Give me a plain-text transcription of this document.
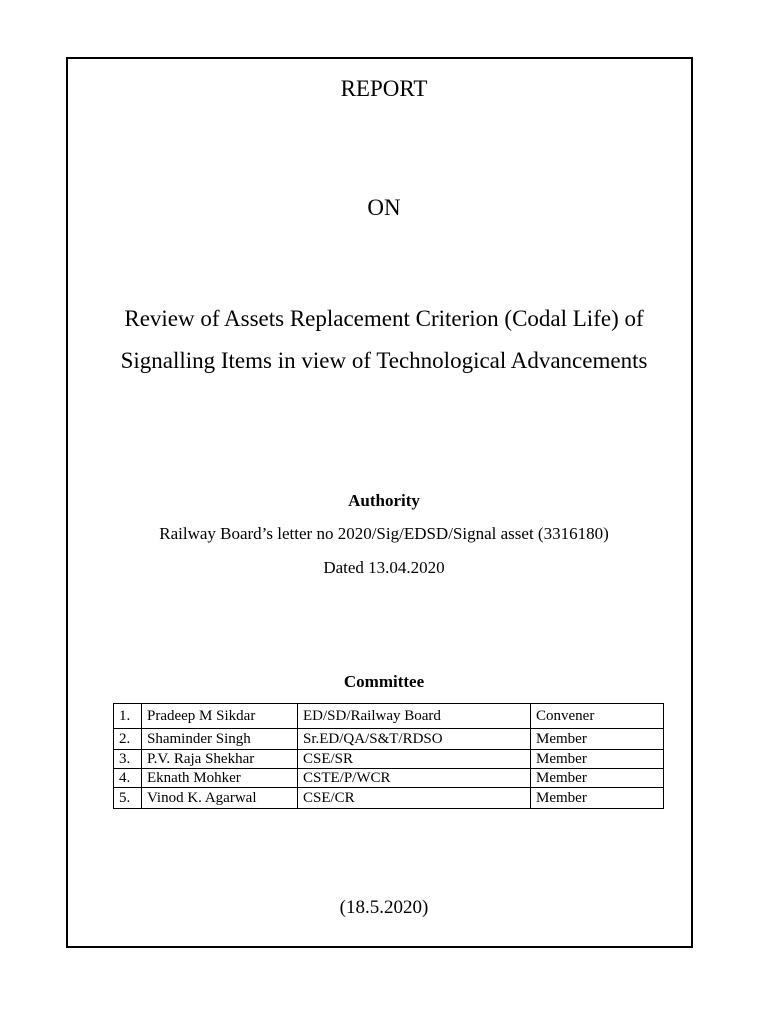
REPORT
ON
Review of Assets Replacement Criterion (Codal Life) of
Signalling Items in view of Technological Advancements
Authority
Railway Board’s letter no 2020/Sig/EDSD/Signal asset (3316180)
Dated 13.04.2020
Committee
1.	Pradeep M Sikdar	ED/SD/Railway Board	Convener
2.	Shaminder Singh	Sr.ED/QA/S&T/RDSO	Member
3.	P.V. Raja Shekhar	CSE/SR	Member
4.	Eknath Mohker	CSTE/P/WCR	Member
5.	Vinod K. Agarwal	CSE/CR	Member
(18.5.2020)
